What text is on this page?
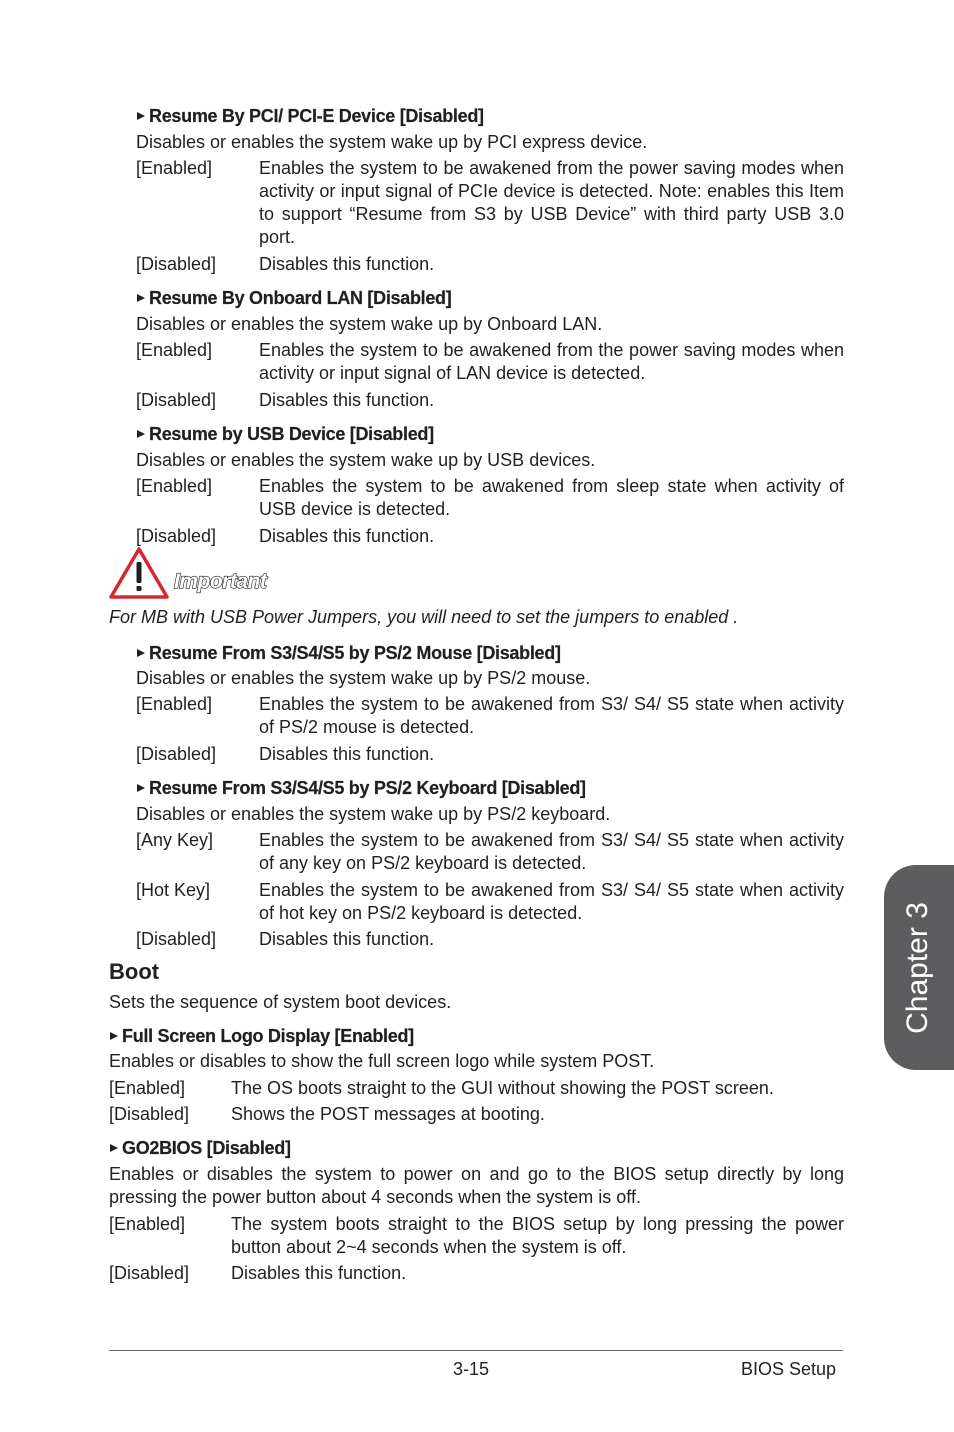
Resume By PCI/ PCI-E Device [Disabled]
Disables or enables the system wake up by PCI express device.
[Enabled]	Enables the system to be awakened from the power saving modes when activity or input signal of PCIe device is detected. Note: enables this Item to support “Resume from S3 by USB Device” with third party USB 3.0 port.
[Disabled] Disables this function.
Resume By Onboard LAN [Disabled]
Disables or enables the system wake up by Onboard LAN.
[Enabled]	Enables the system to be awakened from the power saving modes when activity or input signal of LAN device is detected.
[Disabled] Disables this function.
Resume by USB Device [Disabled]
Disables or enables the system wake up by USB devices.
[Enabled]	Enables the system to be awakened from sleep state when activity of USB device is detected.
[Disabled] Disables this function.
Important
For MB with USB Power Jumpers, you will need to set the jumpers to enabled .
Resume From S3/S4/S5 by PS/2 Mouse [Disabled]
Disables or enables the system wake up by PS/2 mouse.
[Enabled]	Enables the system to be awakened from S3/ S4/ S5 state when activity of PS/2 mouse is detected.
[Disabled] Disables this function.
Resume From S3/S4/S5 by PS/2 Keyboard [Disabled]
Disables or enables the system wake up by PS/2 keyboard.
[Any Key]	Enables the system to be awakened from S3/ S4/ S5 state when activity of any key on PS/2 keyboard is detected.
[Hot Key]	Enables the system to be awakened from S3/ S4/ S5 state when activity of hot key on PS/2 keyboard is detected.
[Disabled] Disables this function.
Boot
Sets the sequence of system boot devices.
Full Screen Logo Display [Enabled]
Enables or disables to show the full screen logo while system POST.
[Enabled]	The OS boots straight to the GUI without showing the POST screen.
[Disabled] Shows the POST messages at booting.
GO2BIOS [Disabled]
Enables or disables the system to power on and go to the BIOS setup directly by long pressing the power button about 4 seconds when the system is off.
[Enabled]	The system boots straight to the BIOS setup by long pressing the power button about 2~4 seconds when the system is off.
[Disabled] Disables this function.
Chapter 3
3-15	BIOS Setup
